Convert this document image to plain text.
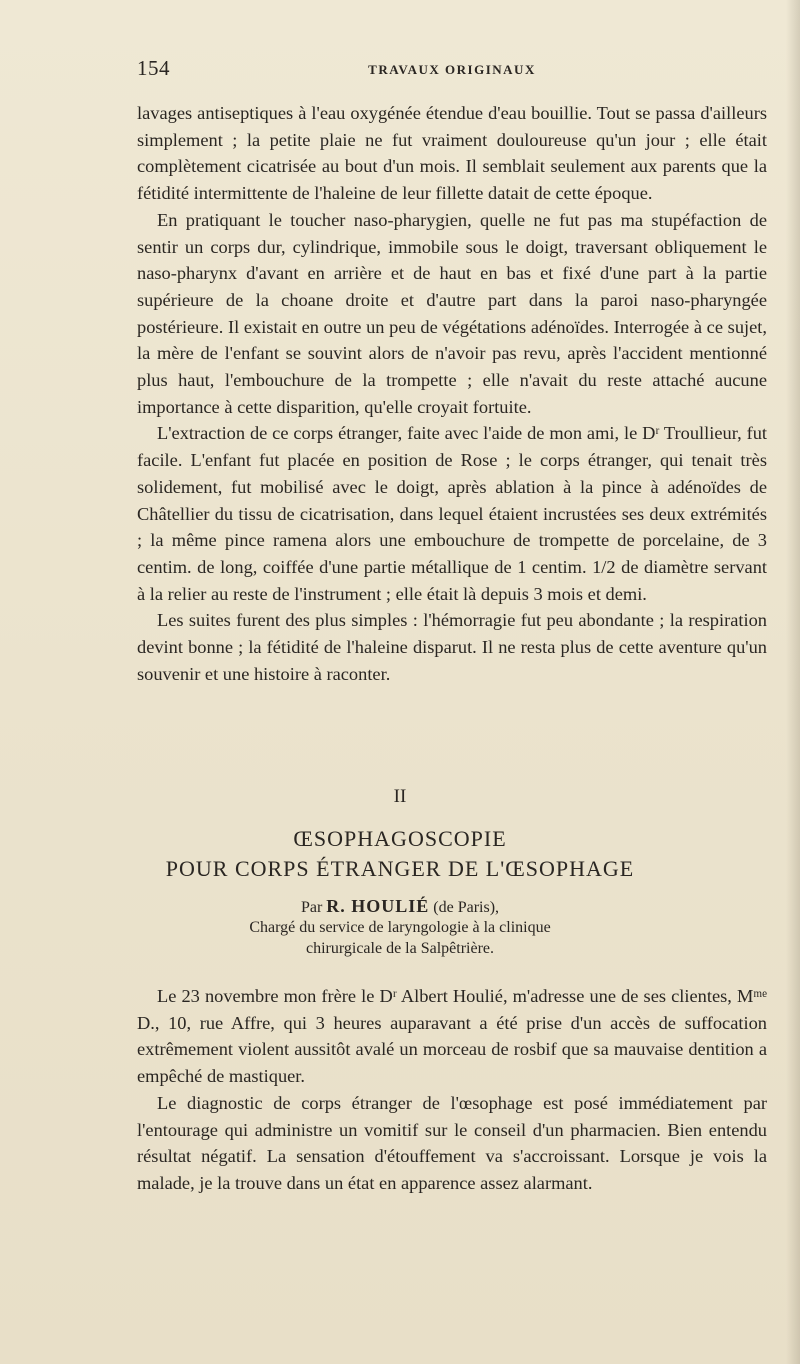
154	TRAVAUX ORIGINAUX

lavages antiseptiques à l'eau oxygénée étendue d'eau bouillie. Tout se passa d'ailleurs simplement ; la petite plaie ne fut vraiment douloureuse qu'un jour ; elle était complètement cicatrisée au bout d'un mois. Il semblait seulement aux parents que la fétidité intermittente de l'haleine de leur fillette datait de cette époque.

En pratiquant le toucher naso-pharygien, quelle ne fut pas ma stupéfaction de sentir un corps dur, cylindrique, immobile sous le doigt, traversant obliquement le naso-pharynx d'avant en arrière et de haut en bas et fixé d'une part à la partie supérieure de la choane droite et d'autre part dans la paroi naso-pharyngée postérieure. Il existait en outre un peu de végétations adénoïdes. Interrogée à ce sujet, la mère de l'enfant se souvint alors de n'avoir pas revu, après l'accident mentionné plus haut, l'embouchure de la trompette ; elle n'avait du reste attaché aucune importance à cette disparition, qu'elle croyait fortuite.

L'extraction de ce corps étranger, faite avec l'aide de mon ami, le Dʳ Troullieur, fut facile. L'enfant fut placée en position de Rose ; le corps étranger, qui tenait très solidement, fut mobilisé avec le doigt, après ablation à la pince à adénoïdes de Châtellier du tissu de cicatrisation, dans lequel étaient incrustées ses deux extrémités ; la même pince ramena alors une embouchure de trompette de porcelaine, de 3 centim. de long, coiffée d'une partie métallique de 1 centim. 1/2 de diamètre servant à la relier au reste de l'instrument ; elle était là depuis 3 mois et demi.

Les suites furent des plus simples : l'hémorragie fut peu abondante ; la respiration devint bonne ; la fétidité de l'haleine disparut. Il ne resta plus de cette aventure qu'un souvenir et une histoire à raconter.

II
ŒSOPHAGOSCOPIE
POUR CORPS ÉTRANGER DE L'ŒSOPHAGE
Par R. HOULIÉ (de Paris),
Chargé du service de laryngologie à la clinique
chirurgicale de la Salpêtrière.

Le 23 novembre mon frère le Dʳ Albert Houlié, m'adresse une de ses clientes, Mᵐᵉ D., 10, rue Affre, qui 3 heures auparavant a été prise d'un accès de suffocation extrêmement violent aussitôt avalé un morceau de rosbif que sa mauvaise dentition a empêché de mastiquer.

Le diagnostic de corps étranger de l'œsophage est posé immédiatement par l'entourage qui administre un vomitif sur le conseil d'un pharmacien. Bien entendu résultat négatif. La sensation d'étouffement va s'accroissant. Lorsque je vois la malade, je la trouve dans un état en apparence assez alarmant.
